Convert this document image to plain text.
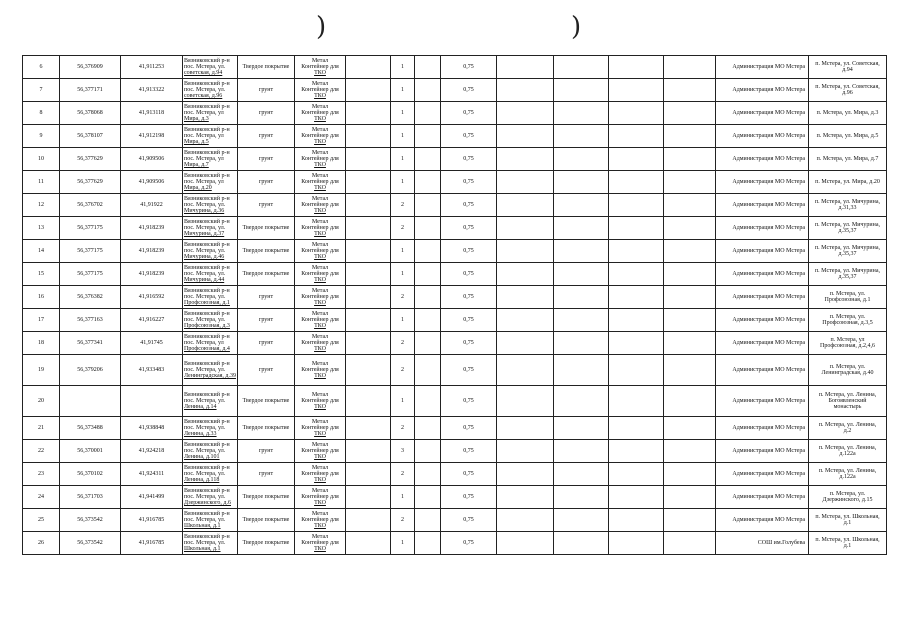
)	)
6	56,376909	41,911253	Вязниковский р-н
пос. Мстера, ул.
советская, д.94	Твердое покрытие	Метал
Контейнер для
ТКО		1		0,75					Администрация МО Мстера	п. Мстера, ул. Советская,
д.94

7	56,377171	41,913322	Вязниковский р-н
пос. Мстера, ул.
советская, д.96	грунт	Метал
Контейнер для
ТКО		1		0,75					Администрация МО Мстера	п. Мстера, ул. Советская,
д.96

8	56,378068	41,913118	Вязниковский р-н
пос. Мстера, ул
Мира, д.3	грунт	Метал
Контейнер для
ТКО		1		0,75					Администрация МО Мстера	п. Мстера, ул. Мира, д.3

9	56,378107	41,912198	Вязниковский р-н
пос. Мстера, ул
Мира, д.5	грунт	Метал
Контейнер для
ТКО		1		0,75					Администрация МО Мстера	п. Мстера, ул. Мира, д.5

10	56,377629	41,909506	Вязниковский р-н
пос. Мстера, ул
Мира, д.7	грунт	Метал
Контейнер для
ТКО		1		0,75					Администрация МО Мстера	п. Мстера, ул. Мира, д.7

11	56,377629	41,909506	Вязниковский р-н
пос. Мстера, ул
Мира, д.20	грунт	Метал
Контейнер для
ТКО		1		0,75					Администрация МО Мстера	п. Мстера, ул. Мира, д.20

12	56,376702	41,91922	Вязниковский р-н
пос. Мстера, ул.
Мичурина, д.36	грунт	Метал
Контейнер для
ТКО		2		0,75					Администрация МО Мстера	п. Мстера, ул. Мичурина,
д.31,33

13	56,377175	41,918239	Вязниковский р-н
пос. Мстера, ул.
Мичурина, д.37	Твердое покрытие	Метал
Контейнер для
ТКО		2		0,75					Администрация МО Мстера	п. Мстера, ул. Мичурина,
д.35,37

14	56,377175	41,918239	Вязниковский р-н
пос. Мстера, ул.
Мичурина, д.46	Твердое покрытие	Метал
Контейнер для
ТКО		1		0,75					Администрация МО Мстера	п. Мстера, ул. Мичурина,
д.35,37

15	56,377175	41,918239	Вязниковский р-н
пос. Мстера, ул.
Мичурина, д.44	Твердое покрытие	Метал
Контейнер для
ТКО		1		0,75					Администрация МО Мстера	п. Мстера, ул. Мичурина,
д.35,37

16	56,376382	41,916592	Вязниковский р-н
пос. Мстера, ул.
Профсоюзная, д.1	грунт	Метал
Контейнер для
ТКО		2		0,75					Администрация МО Мстера	п. Мстера, ул.
Профсоюзная, д.1

17	56,377163	41,916227	Вязниковский р-н
пос. Мстера, ул.
Профсоюзная, д.3	грунт	Метал
Контейнер для
ТКО		1		0,75					Администрация МО Мстера	п. Мстера, ул.
Профсоюзная, д.3,5

18	56,377341	41,91745	Вязниковский р-н
пос. Мстера, ул
Профсоюзная, д.4	грунт	Метал
Контейнер для
ТКО		2		0,75					Администрация МО Мстера	п. Мстера, ул
Профсоюзная, д.2,4,6

19	56,379206	41,933483	Вязниковский р-н
пос. Мстера, ул.
Ленинградская, д.39	грунт	Метал
Контейнер для
ТКО		2		0,75					Администрация МО Мстера	п. Мстера, ул.
Ленинградская, д.40

20			Вязниковский р-н
пос. Мстера, ул.
Ленина, д.14	Твердое покрытие	Метал
Контейнер для
ТКО		1		0,75					Администрация МО Мстера	п. Мстера, ул. Ленина,
Богоявленский
монастырь

21	56,373488	41,938848	Вязниковский р-н
пос. Мстера, ул.
Ленина, д.33	Твердое покрытие	Метал
Контейнер для
ТКО		2		0,75					Администрация МО Мстера	п. Мстера, ул. Ленина,
д.2

22	56,370001	41,924218	Вязниковский р-н
пос. Мстера, ул.
Ленина, д.101	грунт	Метал
Контейнер для
ТКО		3		0,75					Администрация МО Мстера	п. Мстера, ул. Ленина,
д.122а

23	56,370102	41,924311	Вязниковский р-н
пос. Мстера, ул.
Ленина, д.118	грунт	Метал
Контейнер для
ТКО		2		0,75					Администрация МО Мстера	п. Мстера, ул. Ленина,
д.122а

24	56,371703	41,941499	Вязниковский р-н
пос. Мстера, ул.
Дзержинского, д.6	Твердое покрытие	Метал
Контейнер для
ТКО		1		0,75					Администрация МО Мстера	п. Мстера, ул.
Дзержинского, д.15

25	56,373542	41,916785	Вязниковский р-н
пос. Мстера, ул.
Школьная, д.1	Твердое покрытие	Метал
Контейнер для
ТКО		2		0,75					Администрация МО Мстера	п. Мстера, ул. Школьная,
д.1

26	56,373542	41,916785	Вязниковский р-н
пос. Мстера, ул.
Школьная, д.1	Твердое покрытие	Метал
Контейнер для
ТКО		1		0,75					СОШ им.Голубева	п. Мстера, ул. Школьная,
д.1
